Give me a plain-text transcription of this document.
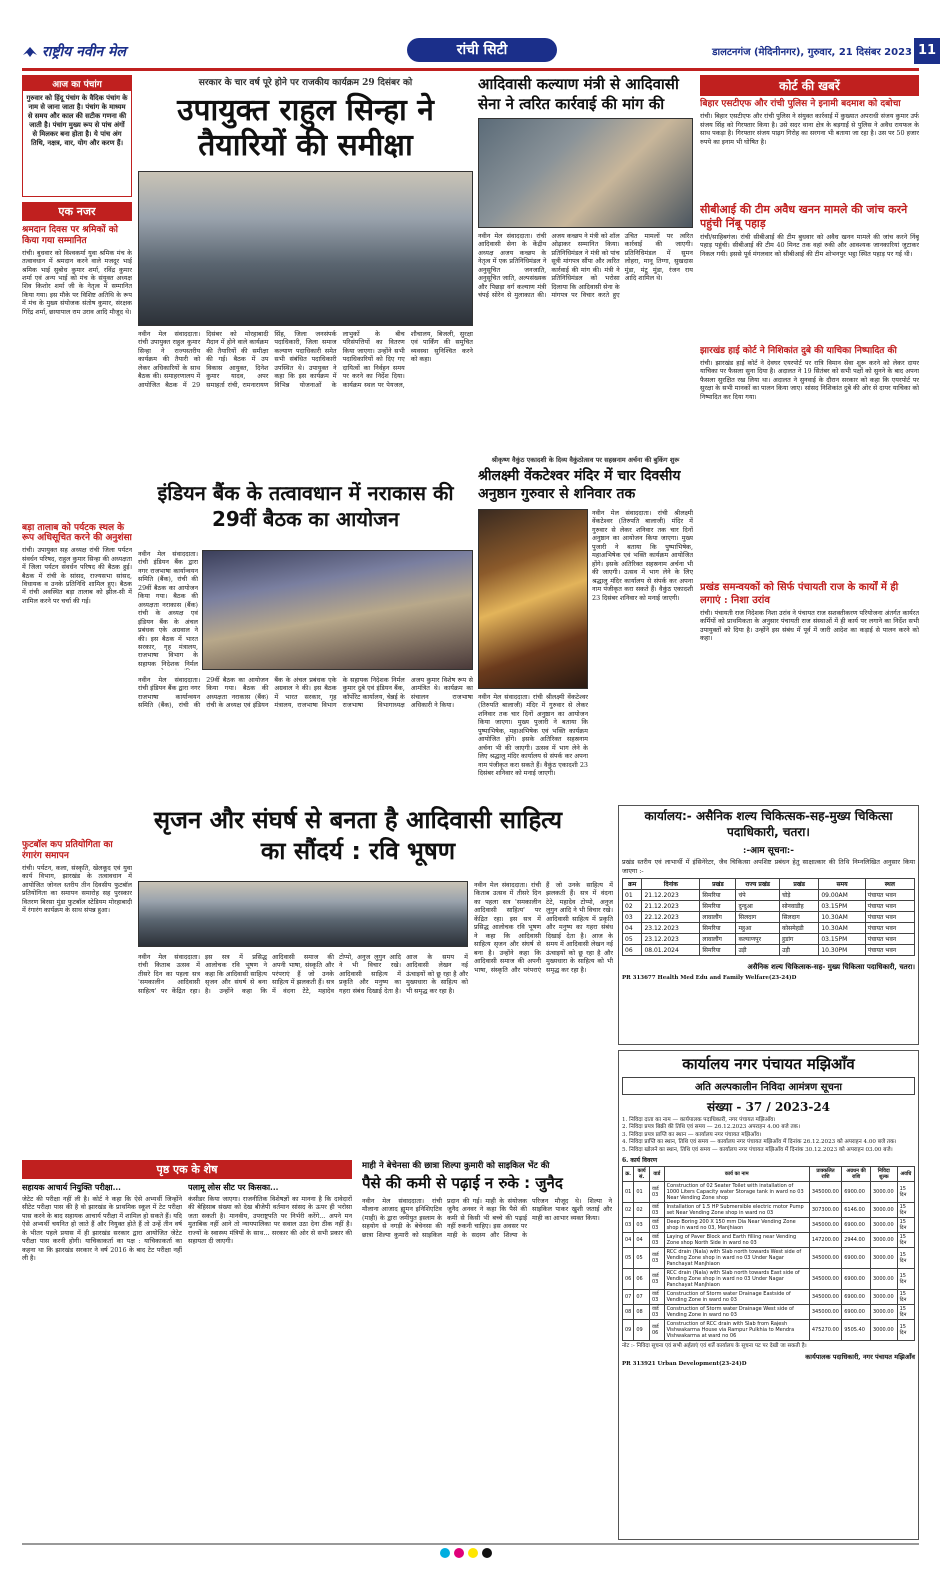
राष्ट्रीय नवीन मेल	रांची सिटी	डालटनगंज (मेदिनीनगर), गुरुवार, 21 दिसंबर 2023 11
आज का पंचांग
गुरुवार को हिंदू पंचांग के वैदिक पंचांग के नाम से जाना जाता है। पंचांग के माध्यम से समय और काल की सटीक गणना की जाती है। पंचांग मुख्य रूप से पांच अंगों से मिलकर बना होता है। ये पांच अंग तिथि, नक्षत्र, वार, योग और करण हैं।
एक नजर
श्रमदान दिवस पर श्रमिकों को किया गया सम्मानित
रांची। बुधवार को विश्वकर्मा युवा श्रमिक मंच के तत्वावधान में श्रमदान करने वाले मजदूर भाई श्रमिक भाई सुबोध कुमार शर्मा, रविंद्र कुमार शर्मा एवं अन्य भाई को मंच के संयुक्त अध्यक्ष शिव किशोर शर्मा जी के नेतृत्व में सम्मानित किया गया। इस मौके पर विशिष्ट अतिथि के रूप में मंच के मुख्य संयोजक संतोष कुमार, संरक्षक गिरेंद्र शर्मा, छायापाल राम उराव आदि मौजूद थे।
बड़ा तालाब को पर्यटक स्थल के रूप अधिसूचित करने की अनुशंसा
रांची। उपायुक्त सह अध्यक्ष रांची जिला पर्यटन संवर्धन परिषद, राहुल कुमार सिन्हा की अध्यक्षता में जिला पर्यटन संवर्धन परिषद की बैठक हुई। बैठक में रांची के सांसद, राज्यसभा सांसद, विधायक व उनके प्रतिनिधि शामिल हुए। बैठक में रांची अवस्थित बड़ा तालाब को झील-सी में शामिल करने पर चर्चा की गई।
फुटबॉल कप प्रतियोगिता का रंगारंग समापन
रांची। पर्यटन, कला, संस्कृति, खेलकूद एवं युवा कार्य विभाग, झारखंड के तत्वावधान में आयोजित जोनल स्तरीय तीन दिवसीय फुटबॉल प्रतियोगिता का समापन समारोह सह पुरस्कार वितरण बिरसा मुंडा फुटबॉल स्टेडियम मोरहाबादी में रंगारंग कार्यक्रम के साथ संपन्न हुआ।
सरकार के चार वर्ष पूरे होने पर राजकीय कार्यक्रम 29 दिसंबर को
उपायुक्त राहुल सिन्हा ने तैयारियों की समीक्षा
नवीन मेल संवाददाता। रांची उपायुक्त राहुल कुमार सिन्हा ने राज्यस्तरीय कार्यक्रम की तैयारी को लेकर अधिकारियों के साथ बैठक की। समाहरणालय में आयोजित बैठक में 29 दिसंबर को मोरहाबादी मैदान में होने वाले कार्यक्रम की तैयारियों की समीक्षा की गई। बैठक में उप विकास आयुक्त, दिनेश कुमार यादव, अपर समाहर्ता रांची, रामनारायण सिंह, जिला जनसंपर्क पदाधिकारी, जिला समाज कल्याण पदाधिकारी समेत सभी संबंधित पदाधिकारी उपस्थित थे। उपायुक्त ने कहा कि इस कार्यक्रम में विभिन्न योजनाओं के लाभुकों के बीच परिसंपत्तियों का वितरण किया जाएगा। उन्होंने सभी पदाधिकारियों को दिए गए दायित्वों का निर्वहन समय पर करने का निर्देश दिया। कार्यक्रम स्थल पर पेयजल, शौचालय, बिजली, सुरक्षा एवं पार्किंग की समुचित व्यवस्था सुनिश्चित करने को कहा।
इंडियन बैंक के तत्वावधान में नराकास की 29वीं बैठक का आयोजन
नवीन मेल संवाददाता। रांची इंडियन बैंक द्वारा नगर राजभाषा कार्यान्वयन समिति (बैंक), रांची की 29वीं बैठक का आयोजन किया गया। बैठक की अध्यक्षता नराकास (बैंक) रांची के अध्यक्ष एवं इंडियन बैंक के अंचल प्रबंधक एके अग्रवाल ने की। इस बैठक में भारत सरकार, गृह मंत्रालय, राजभाषा विभाग के सहायक निदेशक निर्मल
नवीन मेल संवाददाता। रांची इंडियन बैंक द्वारा नगर राजभाषा कार्यान्वयन समिति (बैंक), रांची की 29वीं बैठक का आयोजन किया गया। बैठक की अध्यक्षता नराकास (बैंक) रांची के अध्यक्ष एवं इंडियन बैंक के अंचल प्रबंधक एके अग्रवाल ने की। इस बैठक में भारत सरकार, गृह मंत्रालय, राजभाषा विभाग के सहायक निदेशक निर्मल कुमार दुबे एवं इंडियन बैंक, कॉर्पोरेट कार्यालय, चेन्नई के राजभाषा विभागाध्यक्ष अजय कुमार विशेष रूप से आमंत्रित थे। कार्यक्रम का संचालन राजभाषा अधिकारी ने किया।
आदिवासी कल्याण मंत्री से आदिवासी सेना ने त्वरित कार्रवाई की मांग की
नवीन मेल संवाददाता। रांची आदिवासी सेना के केंद्रीय अध्यक्ष अजय कच्छप के नेतृत्व में एक प्रतिनिधिमंडल ने अनुसूचित जनजाति, अनुसूचित जाति, अल्पसंख्यक और पिछड़ा वर्ग कल्याण मंत्री चंपई सोरेन से मुलाकात की। अजय कच्छप ने मंत्री को शॉल ओढ़ाकर सम्मानित किया। प्रतिनिधिमंडल ने मंत्री को पांच सूत्री मांगपत्र सौंपा और त्वरित कार्रवाई की मांग की। मंत्री ने प्रतिनिधिमंडल को भरोसा दिलाया कि आदिवासी सेना के मांगपत्र पर विचार करते हुए उचित मामलों पर त्वरित कार्रवाई की जाएगी। प्रतिनिधिमंडल में सुमन लोहरा, मानू तिग्गा, सुखदास मुंडा, मंटू मुंडा, रंजन राय आदि शामिल थे।
श्रीकृष्ण वैकुंठ एकादशी के दिव्य वैकुंठोत्सव पर सहस्रनाम अर्चना की बुकिंग शुरू
श्रीलक्ष्मी वेंकटेश्वर मंदिर में चार दिवसीय अनुष्ठान गुरुवार से शनिवार तक
नवीन मेल संवाददाता। रांची श्रीलक्ष्मी वेंकटेश्वर (तिरुपति बालाजी) मंदिर में गुरुवार से लेकर शनिवार तक चार दिनों अनुष्ठान का आयोजन किया जाएगा। मुख्य पुजारी ने बताया कि पुष्पाभिषेक, महाअभिषेक एवं भक्ति कार्यक्रम आयोजित होंगे। इसके अतिरिक्त सहस्रनाम अर्चना भी की जाएगी। उत्सव में भाग लेने के लिए श्रद्धालु मंदिर कार्यालय से संपर्क कर अपना नाम पंजीकृत करा सकते हैं। वैकुंठ एकादशी 23 दिसंबर शनिवार को मनाई जाएगी।
नवीन मेल संवाददाता। रांची श्रीलक्ष्मी वेंकटेश्वर (तिरुपति बालाजी) मंदिर में गुरुवार से लेकर शनिवार तक चार दिनों अनुष्ठान का आयोजन किया जाएगा। मुख्य पुजारी ने बताया कि पुष्पाभिषेक, महाअभिषेक एवं भक्ति कार्यक्रम आयोजित होंगे। इसके अतिरिक्त सहस्रनाम अर्चना भी की जाएगी। उत्सव में भाग लेने के लिए श्रद्धालु मंदिर कार्यालय से संपर्क कर अपना नाम पंजीकृत करा सकते हैं। वैकुंठ एकादशी 23 दिसंबर शनिवार को मनाई जाएगी।
कोर्ट की खबरें
बिहार एसटीएफ और रांची पुलिस ने इनामी बदमाश को दबोचा
रांची। बिहार एसटीएफ और रांची पुलिस ने संयुक्त कार्रवाई में कुख्यात अपराधी संजय कुमार उर्फ संजय सिंह को गिरफ्तार किया है। उसे सदर थाना क्षेत्र के बड़गाईं से पुलिस ने अवैध रायफल के साथ पकड़ा है। गिरफ्तार संजय पाढ़ग गिरोह का सरगना भी बताया जा रहा है। उस पर 50 हजार रुपये का इनाम भी घोषित है।
सीबीआई की टीम अवैध खनन मामले की जांच करने पहुंची निंबू पहाड़
रांची/साहिबगंज। रांची सीबीआई की टीम बुधवार को अवैध खनन मामले की जांच करने निंबू पहाड़ पहुंची। सीबीआई की टीम 40 मिनट तक वहां रुकी और आवश्यक जानकारियां जुटाकर निकल गयी। इससे पूर्व मंगलवार को सीबीआई की टीम शोभनपुर भट्ठा स्थित पहाड़ पर गई थी।
झारखंड हाई कोर्ट ने निशिकांत दुबे की याचिका निष्पादित की
रांची। झारखंड हाई कोर्ट ने देवघर एयरपोर्ट पर रात्रि विमान सेवा शुरू करने को लेकर दायर याचिका पर फैसला सुना दिया है। अदालत ने 19 सितंबर को सभी पक्षों को सुनने के बाद अपना फैसला सुरक्षित रख लिया था। अदालत ने सुनवाई के दौरान सरकार को कहा कि एयरपोर्ट पर सुरक्षा के सभी मानकों का पालन किया जाए। सांसद निशिकांत दुबे की ओर से दायर याचिका को निष्पादित कर दिया गया।
प्रखंड समन्वयकों को सिर्फ पंचायती राज के कार्यों में ही लगाएं : निशा उरांव
रांची। पंचायती राज निदेशक निशा उरांव ने पंचायत राज सशक्तीकरण परियोजना अंतर्गत कार्यरत कर्मियों को प्राथमिकता के अनुसार पंचायती राज संस्थाओं में ही कार्य पर लगाने का निर्देश सभी उपायुक्तों को दिया है। उन्होंने इस संबंध में पूर्व में जारी आदेश का कड़ाई से पालन करने को कहा।
सृजन और संघर्ष से बनता है आदिवासी साहित्य का सौंदर्य : रवि भूषण
नवीन मेल संवाददाता। रांची किताब उत्सव में तीसरे दिन का पहला सत्र 'समकालीन आदिवासी साहित्य' पर केंद्रित रहा। इस सत्र में प्रसिद्ध आलोचक रवि भूषण ने कहा कि आदिवासी साहित्य सृजन और संघर्ष से बना है। उन्होंने कहा कि आदिवासी समाज की अपनी भाषा, संस्कृति और परंपराएं हैं जो उनके साहित्य में झलकती हैं। सत्र में वंदना टेटे, महादेव टोप्पो, अनुज लुगुन आदि ने भी विचार रखे। आदिवासी साहित्य में प्रकृति और मनुष्य का गहरा संबंध दिखाई देता है। आज के समय में आदिवासी लेखन नई ऊंचाइयों को छू रहा है और मुख्यधारा के साहित्य को भी समृद्ध कर रहा है।
नवीन मेल संवाददाता। रांची किताब उत्सव में तीसरे दिन का पहला सत्र 'समकालीन आदिवासी साहित्य' पर केंद्रित रहा। इस सत्र में प्रसिद्ध आलोचक रवि भूषण ने कहा कि आदिवासी साहित्य सृजन और संघर्ष से बना है। उन्होंने कहा कि आदिवासी समाज की अपनी भाषा, संस्कृति और परंपराएं हैं जो उनके साहित्य में झलकती हैं। सत्र में वंदना टेटे, महादेव टोप्पो, अनुज लुगुन आदि ने भी विचार रखे। आदिवासी साहित्य में प्रकृति और मनुष्य का गहरा संबंध दिखाई देता है। आज के समय में आदिवासी लेखन नई ऊंचाइयों को छू रहा है और मुख्यधारा के साहित्य को भी समृद्ध कर रहा है।
कार्यालय:- असैनिक शल्य चिकित्सक-सह-मुख्य चिकित्सा पदाधिकारी, चतरा।
:-आम सूचना:-
प्रखंड स्तरीय एवं लाभार्थी में इंसिनेरेटर, जैव चिकित्सा अपशिष्ट प्रबंधन हेतु साक्षात्कार की तिथि निम्नलिखित अनुसार किया जाएगा :-
क्रम	दिनांक	प्रखंड	राज्य प्रखंड	प्रखंड	समय	स्थल
01	21.12.2023	सिमरिया	चंपे	चोड़े	09.00AM	पंचायत भवन
02	21.12.2023	सिमरिया	दुन्दुआ	सोनवाडीह	03.15PM	पंचायत भवन
03	22.12.2023	लावालौंग	सिलदाग	सिलदाग	10.30AM	पंचायत भवन
04	23.12.2023	सिमरिया	महुआ	कोसमेहडी	10.30AM	पंचायत भवन
05	23.12.2023	लावालौंग	कल्याणपुर	हुडांग	03.15PM	पंचायत भवन
06	08.01.2024	सिमरिया	उड़ी	उड़ी	10.30PM	पंचायत भवन
असैनिक शल्य चिकित्सक-सह- मुख्य चिकित्सा पदाधिकारी, चतरा।
PR 313677 Health Med Edu and Family Welfare(23-24)D
कार्यालय नगर पंचायत मझिआँव
अति अल्पकालीन निविदा आमंत्रण सूचना
संख्या - 37 / 2023-24
1. निविदा दाता का नाम — कार्यपालक पदाधिकारी, नगर पंचायत मझिआँव।
2. निविदा प्रपत्र बिक्री की तिथि एवं समय — 26.12.2023 अपराहन 4.00 बजे तक।
3. निविदा प्रपत्र प्राप्ति का स्थान — कार्यालय नगर पंचायत मझिआँव।
4. निविदा प्राप्ति का स्थान, तिथि एवं समय — कार्यालय नगर पंचायत मझिआँव में दिनांक 26.12.2023 को अपराहन 4.00 बजे तक।
5. निविदा खोलने का स्थान, तिथि एवं समय — कार्यालय नगर पंचायत मझिआँव में दिनांक 30.12.2023 को अपराहन 03.00 बजे।
6. कार्य विवरण
क्र.	कार्य सं.	वार्ड	कार्य का नाम	प्राक्कलित राशि	अग्रधन की राशि	निविदा शुल्क	अवधि
01	01	वार्ड 03	Construction of 02 Seater Toilet with installation of 1000 Liters Capacity water Storage tank in ward no 03 Near Vending Zone shop	345000.00	6900.00	3000.00	15 दिन
02	02	वार्ड 03	Installation of 1.5 HP Submersible electric motor Pump set Near Vending Zone shop in ward no 03	307300.00	6146.00	3000.00	15 दिन
03	03	वार्ड 03	Deep Boring 200 X 150 mm Dia Near Vending Zone shop in ward no 03, Manjhiaon	345000.00	6900.00	3000.00	15 दिन
04	04	वार्ड 03	Laying of Paver Block and Earth filling near Vending Zone shop North Side in ward no 03	147200.00	2944.00	3000.00	15 दिन
05	05	वार्ड 03	RCC drain (Nala) with Slab north towards West side of Vending Zone shop in ward no 03 Under Nagar Panchayat Manjhiaon	345000.00	6900.00	3000.00	15 दिन
06	06	वार्ड 03	RCC drain (Nala) with Slab north towards East side of Vending Zone shop in ward no 03 Under Nagar Panchayat Manjhiaon	345000.00	6900.00	3000.00	15 दिन
07	07	वार्ड 03	Construction of Storm water Drainage Eastside of Vending Zone in ward no 03	345000.00	6900.00	3000.00	15 दिन
08	08	वार्ड 03	Construction of Storm water Drainage West side of Vending Zone in ward no 03	345000.00	6900.00	3000.00	15 दिन
09	09	वार्ड 06	Construction of RCC drain with Slab from Rajesh Vishwakarma House via Rampur Pulkhia to Mendra Vishwakarma at ward no 06	475270.00	9505.40	3000.00	15 दिन
नोट :- निविदा सूचना एवं सभी अर्हताएं एवं शर्तें कार्यालय के सूचना पट पर देखी जा सकती है।
कार्यपालक पदाधिकारी, नगर पंचायत मझिआँव
PR 313921 Urban Development(23-24)D
पृष्ठ एक के शेष
सहायक आचार्य नियुक्ति परीक्षा...
जेटेट की परीक्षा नहीं ली है। कोर्ट ने कहा कि ऐसे अभ्यर्थी जिन्होंने सीटेट परीक्षा पास की है वो झारखंड के प्राथमिक स्कूल में टेट परीक्षा पास करने के बाद सहायक आचार्य परीक्षा में शामिल हो सकते हैं। यदि ऐसे अभ्यर्थी चयनित हो जाते हैं और नियुक्त होते हैं तो उन्हें तीन वर्ष के भीतर पहले प्रयास में ही झारखंड सरकार द्वारा आयोजित जेटेट परीक्षा पास करनी होगी। याचिकाकर्ता का पक्ष : याचिकाकर्ता का कहना था कि झारखंड सरकार ने वर्ष 2016 के बाद टेट परीक्षा नहीं ली है।
पलामू लोस सीट पर किसका...
कंसीडर किया जाएगा। राजनीतिक विशेषज्ञों का मानना है कि दावेदारों की बेहिसाब संख्या को देख बीजेपी वर्तमान सांसद के ऊपर ही भरोसा जता सकती है। मानवीय, उपराष्ट्रपति पर निर्भरी करेंगे... अपने मन मुताबिक नहीं आने तो न्यायपालिका पर सवाल उठा देना ठीक नहीं है। राज्यों के स्वास्थ्य मंत्रियों के साथ... सरकार की ओर से सभी प्रकार की सहायता दी जाएगी।
माही ने बेचेनसा की छात्रा शिल्पा कुमारी को साइकिल भेंट की
पैसे की कमी से पढ़ाई न रुके : जुनैद
नवीन मेल संवाददाता। रांची मौलाना आजाद ह्यूमन इनिशिएटिव (माही) के द्वारा जमीयुत इस्लाम के सहयोग से नगड़ी के बेचेनसा की छात्रा शिल्पा कुमारी को साइकिल प्रदान की गई। माही के संयोजक जुनैद अनवर ने कहा कि पैसे की कमी से किसी भी बच्चे की पढ़ाई नहीं रुकनी चाहिए। इस अवसर पर माही के सदस्य और शिल्पा के परिजन मौजूद थे। शिल्पा ने साइकिल पाकर खुशी जताई और माही का आभार व्यक्त किया।
